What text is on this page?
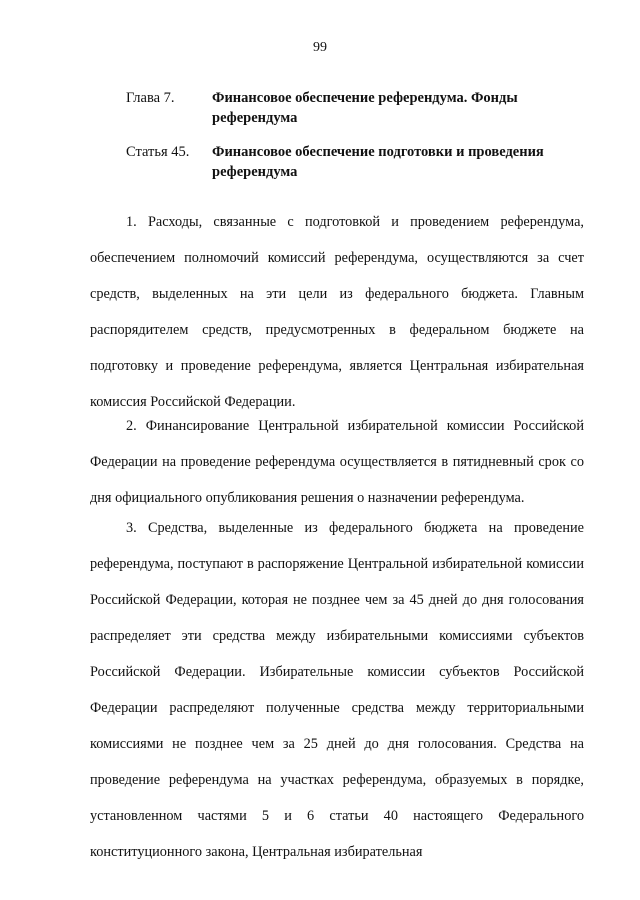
99
Глава 7.	Финансовое обеспечение референдума. Фонды референдума
Статья 45.	Финансовое обеспечение подготовки и проведения референдума

1. Расходы, связанные с подготовкой и проведением референдума, обеспечением полномочий комиссий референдума, осуществляются за счет средств, выделенных на эти цели из федерального бюджета. Главным распорядителем средств, предусмотренных в федеральном бюджете на подготовку и проведение референдума, является Центральная избирательная комиссия Российской Федерации.

2. Финансирование Центральной избирательной комиссии Российской Федерации на проведение референдума осуществляется в пятидневный срок со дня официального опубликования решения о назначении референдума.

3. Средства, выделенные из федерального бюджета на проведение референдума, поступают в распоряжение Центральной избирательной комиссии Российской Федерации, которая не позднее чем за 45 дней до дня голосования распределяет эти средства между избирательными комиссиями субъектов Российской Федерации. Избирательные комиссии субъектов Российской Федерации распределяют полученные средства между территориальными комиссиями не позднее чем за 25 дней до дня голосования. Средства на проведение референдума на участках референдума, образуемых в порядке, установленном частями 5 и 6 статьи 40 настоящего Федерального конституционного закона, Центральная избирательная
